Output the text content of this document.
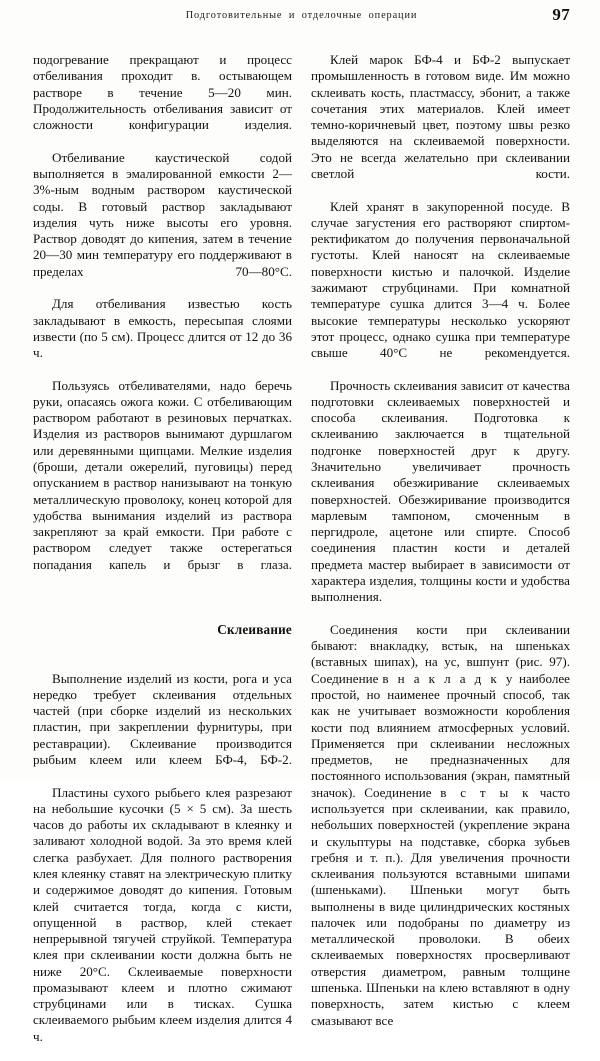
Подготовительные и отделочные операции	97

подогревание прекращают и процесс отбеливания проходит в. остывающем растворе в течение 5—20 мин. Продолжительность отбеливания зависит от сложности конфигурации изделия.

Отбеливание каустической содой выполняется в эмалированной емкости 2—3%-ным водным раствором каустической соды. В готовый раствор закладывают изделия чуть ниже высоты его уровня. Раствор доводят до кипения, затем в течение 20—30 мин температуру его поддерживают в пределах 70—80°С.

Для отбеливания известью кость закладывают в емкость, пересыпая слоями извести (по 5 см). Процесс длится от 12 до 36 ч.

Пользуясь отбеливателями, надо беречь руки, опасаясь ожога кожи. С отбеливающим раствором работают в резиновых перчатках. Изделия из растворов вынимают дуршлагом или деревянными щипцами. Мелкие изделия (броши, детали ожерелий, пуговицы) перед опусканием в раствор нанизывают на тонкую металлическую проволоку, конец которой для удобства вынимания изделий из раствора закрепляют за край емкости. При работе с раствором следует также остерегаться попадания капель и брызг в глаза.

Склеивание

Выполнение изделий из кости, рога и уса нередко требует склеивания отдельных частей (при сборке изделий из нескольких пластин, при закреплении фурнитуры, при реставрации). Склеивание производится рыбьим клеем или клеем БФ-4, БФ-2.

Пластины сухого рыбьего клея разрезают на небольшие кусочки (5 × 5 см). За шесть часов до работы их складывают в клеянку и заливают холодной водой. За это время клей слегка разбухает. Для полного растворения клея клеянку ставят на электрическую плитку и содержимое доводят до кипения. Готовым клей считается тогда, когда с кисти, опущенной в раствор, клей стекает непрерывной тягучей струйкой. Температура клея при склеивании кости должна быть не ниже 20°С. Склеиваемые поверхности промазывают клеем и плотно сжимают струбцинами или в тисках. Сушка склеиваемого рыбьим клеем изделия длится 4 ч.

Клей марок БФ-4 и БФ-2 выпускает промышленность в готовом виде. Им можно склеивать кость, пластмассу, эбонит, а также сочетания этих материалов. Клей имеет темно-коричневый цвет, поэтому швы резко выделяются на склеиваемой поверхности. Это не всегда желательно при склеивании светлой кости.

Клей хранят в закупоренной посуде. В случае загустения его растворяют спиртом-ректификатом до получения первоначальной густоты. Клей наносят на склеиваемые поверхности кистью и палочкой. Изделие зажимают струбцинами. При комнатной температуре сушка длится 3—4 ч. Более высокие температуры несколько ускоряют этот процесс, однако сушка при температуре свыше 40°С не рекомендуется.

Прочность склеивания зависит от качества подготовки склеиваемых поверхностей и способа склеивания. Подготовка к склеиванию заключается в тщательной подгонке поверхностей друг к другу. Значительно увеличивает прочность склеивания обезжиривание склеиваемых поверхностей. Обезжиривание производится марлевым тампоном, смоченным в пергидроле, ацетоне или спирте. Способ соединения пластин кости и деталей предмета мастер выбирает в зависимости от характера изделия, толщины кости и удобства выполнения.

Соединения кости при склеивании бывают: внакладку, встык, на шпеньках (вставных шипах), на ус, вшпунт (рис. 97). Соединение в н а к л а д к у наиболее простой, но наименее прочный способ, так как не учитывает возможности коробления кости под влиянием атмосферных условий. Применяется при склеивании несложных предметов, не предназначенных для постоянного использования (экран, памятный значок). Соединение в с т ы к часто используется при склеивании, как правило, небольших поверхностей (укрепление экрана и скульптуры на подставке, сборка зубьев гребня и т. п.). Для увеличения прочности склеивания пользуются вставными шипами (шпеньками). Шпеньки могут быть выполнены в виде цилиндрических костяных палочек или подобраны по диаметру из металлической проволоки. В обеих склеиваемых поверхностях просверливают отверстия диаметром, равным толщине шпенька. Шпеньки на клею вставляют в одну поверхность, затем кистью с клеем смазывают все
